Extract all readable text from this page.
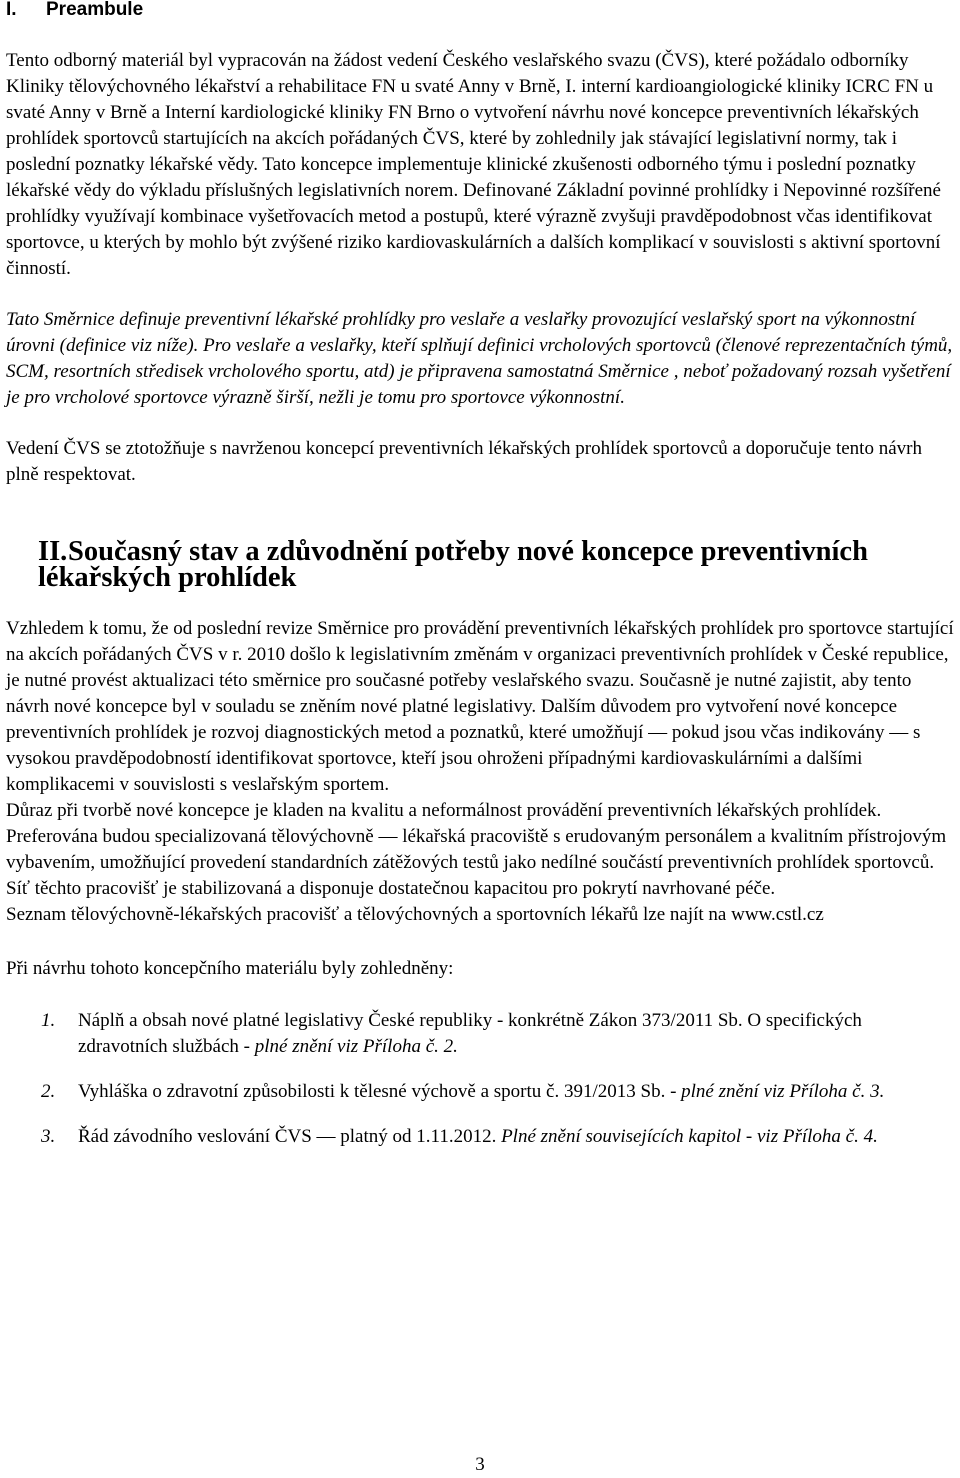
I. Preambule

Tento odborný materiál byl vypracován na žádost vedení Českého veslařského svazu (ČVS), které požádalo odborníky Kliniky tělovýchovného lékařství a rehabilitace FN u svaté Anny v Brně, I. interní kardioangiologické kliniky ICRC FN u svaté Anny v Brně a Interní kardiologické kliniky FN Brno o vytvoření návrhu nové koncepce preventivních lékařských prohlídek sportovců startujících na akcích pořádaných ČVS, které by zohlednily jak stávající legislativní normy, tak i poslední poznatky lékařské vědy. Tato koncepce implementuje klinické zkušenosti odborného týmu i poslední poznatky lékařské vědy do výkladu příslušných legislativních norem. Definované Základní povinné prohlídky i Nepovinné rozšířené prohlídky využívají kombinace vyšetřovacích metod a postupů, které výrazně zvyšuji pravděpodobnost včas identifikovat sportovce, u kterých by mohlo být zvýšené riziko kardiovaskulárních a dalších komplikací v souvislosti s aktivní sportovní činností.

Tato Směrnice definuje preventivní lékařské prohlídky pro veslaře a veslařky provozující veslařský sport na výkonnostní úrovni (definice viz níže). Pro veslaře a veslařky, kteří splňují definici vrcholových sportovců (členové reprezentačních týmů, SCM, resortních středisek vrcholového sportu, atd) je připravena samostatná Směrnice , neboť požadovaný rozsah vyšetření je pro vrcholové sportovce výrazně širší, nežli je tomu pro sportovce výkonnostní.

Vedení ČVS se ztotožňuje s navrženou koncepcí preventivních lékařských prohlídek sportovců a doporučuje tento návrh plně respektovat.

II.Současný stav a zdůvodnění potřeby nové koncepce preventivních lékařských prohlídek

Vzhledem k tomu, že od poslední revize Směrnice pro provádění preventivních lékařských prohlídek pro sportovce startující na akcích pořádaných ČVS v r. 2010 došlo k legislativním změnám v organizaci preventivních prohlídek v České republice, je nutné provést aktualizaci této směrnice pro současné potřeby veslařského svazu. Současně je nutné zajistit, aby tento návrh nové koncepce byl v souladu se zněním nové platné legislativy. Dalším důvodem pro vytvoření nové koncepce preventivních prohlídek je rozvoj diagnostických metod a poznatků, které umožňují — pokud jsou včas indikovány — s vysokou pravděpodobností identifikovat sportovce, kteří jsou ohroženi případnými kardiovaskulárními a dalšími komplikacemi v souvislosti s veslařským sportem.

Důraz při tvorbě nové koncepce je kladen na kvalitu a neformálnost provádění preventivních lékařských prohlídek.

Preferována budou specializovaná tělovýchovně — lékařská pracoviště s erudovaným personálem a kvalitním přístrojovým vybavením, umožňující provedení standardních zátěžových testů jako nedílné součástí preventivních prohlídek sportovců. Síť těchto pracovišť je stabilizovaná a disponuje dostatečnou kapacitou pro pokrytí navrhované péče.

Seznam tělovýchovně-lékařských pracovišť a tělovýchovných a sportovních lékařů lze najít na www.cstl.cz

Při návrhu tohoto koncepčního materiálu byly zohledněny:

1. Náplň a obsah nové platné legislativy České republiky - konkrétně Zákon 373/2011 Sb. O specifických zdravotních službách - plné znění viz Příloha č. 2.
2. Vyhláška o zdravotní způsobilosti k tělesné výchově a sportu č. 391/2013 Sb. - plné znění viz Příloha č. 3.
3. Řád závodního veslování ČVS — platný od 1.11.2012. Plné znění souvisejících kapitol - viz Příloha č. 4.
3
